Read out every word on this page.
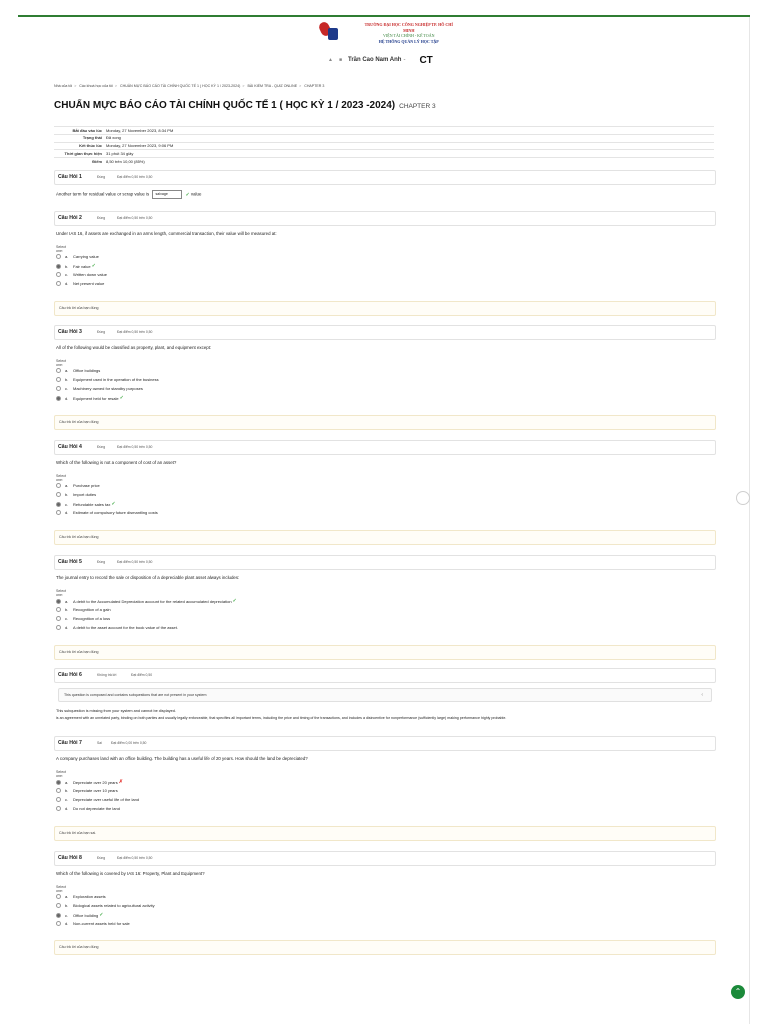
TRƯỜNG ĐẠI HỌC CÔNG NGHIỆP TP. HỒ CHÍ MINH
VIỆN TÀI CHÍNH - KẾ TOÁN
HỆ THỐNG QUẢN LÝ HỌC TẬP
▲ ■ Trần Cao Nam Anh - CT
Nhà của tôi > Các khoá học của tôi > CHUẨN MỰC BÁO CÁO TÀI CHÍNH QUỐC TẾ 1 ( HỌC KỲ 1 / 2023-2024) > BÀI KIỂM TRA - QUIZ ONLINE > CHAPTER 3
CHUẨN MỰC BÁO CÁO TÀI CHÍNH QUỐC TẾ 1 ( HỌC KỲ 1 / 2023 -2024) CHAPTER 3
Bắt đầu vào lúc	Monday, 27 November 2023, 8:34 PM
Trạng thái	Đã xong
Kết thúc lúc	Monday, 27 November 2023, 9:06 PM
Thời gian thực hiện	31 phút 34 giây
Điểm	8,50 trên 10,00 (85%)
Câu Hỏi 1	Đúng	Đạt điểm 0,50 trên 0,50
Another term for residual value or scrap value is salvage	✓ value
Câu Hỏi 2	Đúng	Đạt điểm 0,50 trên 0,50
Under IAS 16, if assets are exchanged in an arms length, commercial transaction, their value will be measured at:
Select one:
a.	Carrying value
b.	Fair value ✓
c.	Written down value
d.	Net present value
Câu trả lời của bạn đúng
Câu Hỏi 3	Đúng	Đạt điểm 0,50 trên 0,50
All of the following would be classified as property, plant, and equipment except:
Select one:
a.	Office buildings
b.	Equipment used in the operation of the business
c.	Machinery owned for standby purposes
d.	Equipment held for resale ✓
Câu trả lời của bạn đúng
Câu Hỏi 4	Đúng	Đạt điểm 0,50 trên 0,50
Which of the following is not a component of cost of an asset?
Select one:
a.	Purchase price
b.	Import duties
c.	Refundable sales tax ✓
d.	Estimate of compulsory future dismantling costs
Câu trả lời của bạn đúng
Câu Hỏi 5	Đúng	Đạt điểm 0,50 trên 0,50
The journal entry to record the sale or disposition of a depreciable plant asset always includes:
Select one:
a.	A debit to the Accumulated Depreciation account for the related accumulated depreciation ✓
b.	Recognition of a gain
c.	Recognition of a loss
d.	A debit to the asset account for the book value of the asset.
Câu trả lời của bạn đúng
Câu Hỏi 6	Không trả lời	Đạt điểm 0,50
This question is composed and contains subquestions that are not present in your system	‹
This subquestion is missing from your system and cannot be displayed.
is an agreement with an unrelated party, binding on both parties and usually legally enforceable, that specifies all important terms, including the price and timing of the transactions, and includes a disincentive for nonperformance (sufficiently large) making performance highly probable.
Câu Hỏi 7	Sai	Đạt điểm 0,00 trên 0,50
A company purchases land with an office building. The building has a useful life of 20 years. How should the land be depreciated?
Select one:
a.	Depreciate over 20 years ✗
b.	Depreciate over 10 years
c.	Depreciate over useful life of the land
d.	Do not depreciate the land
Câu trả lời của bạn sai.
Câu Hỏi 8	Đúng	Đạt điểm 0,50 trên 0,50
Which of the following is covered by IAS 16: Property, Plant and Equipment?
Select one:
a.	Exploration assets
b.	Biological assets related to agricultural activity
c.	Office building ✓
d.	Non-current assets held for sale
Câu trả lời của bạn đúng
⌃
